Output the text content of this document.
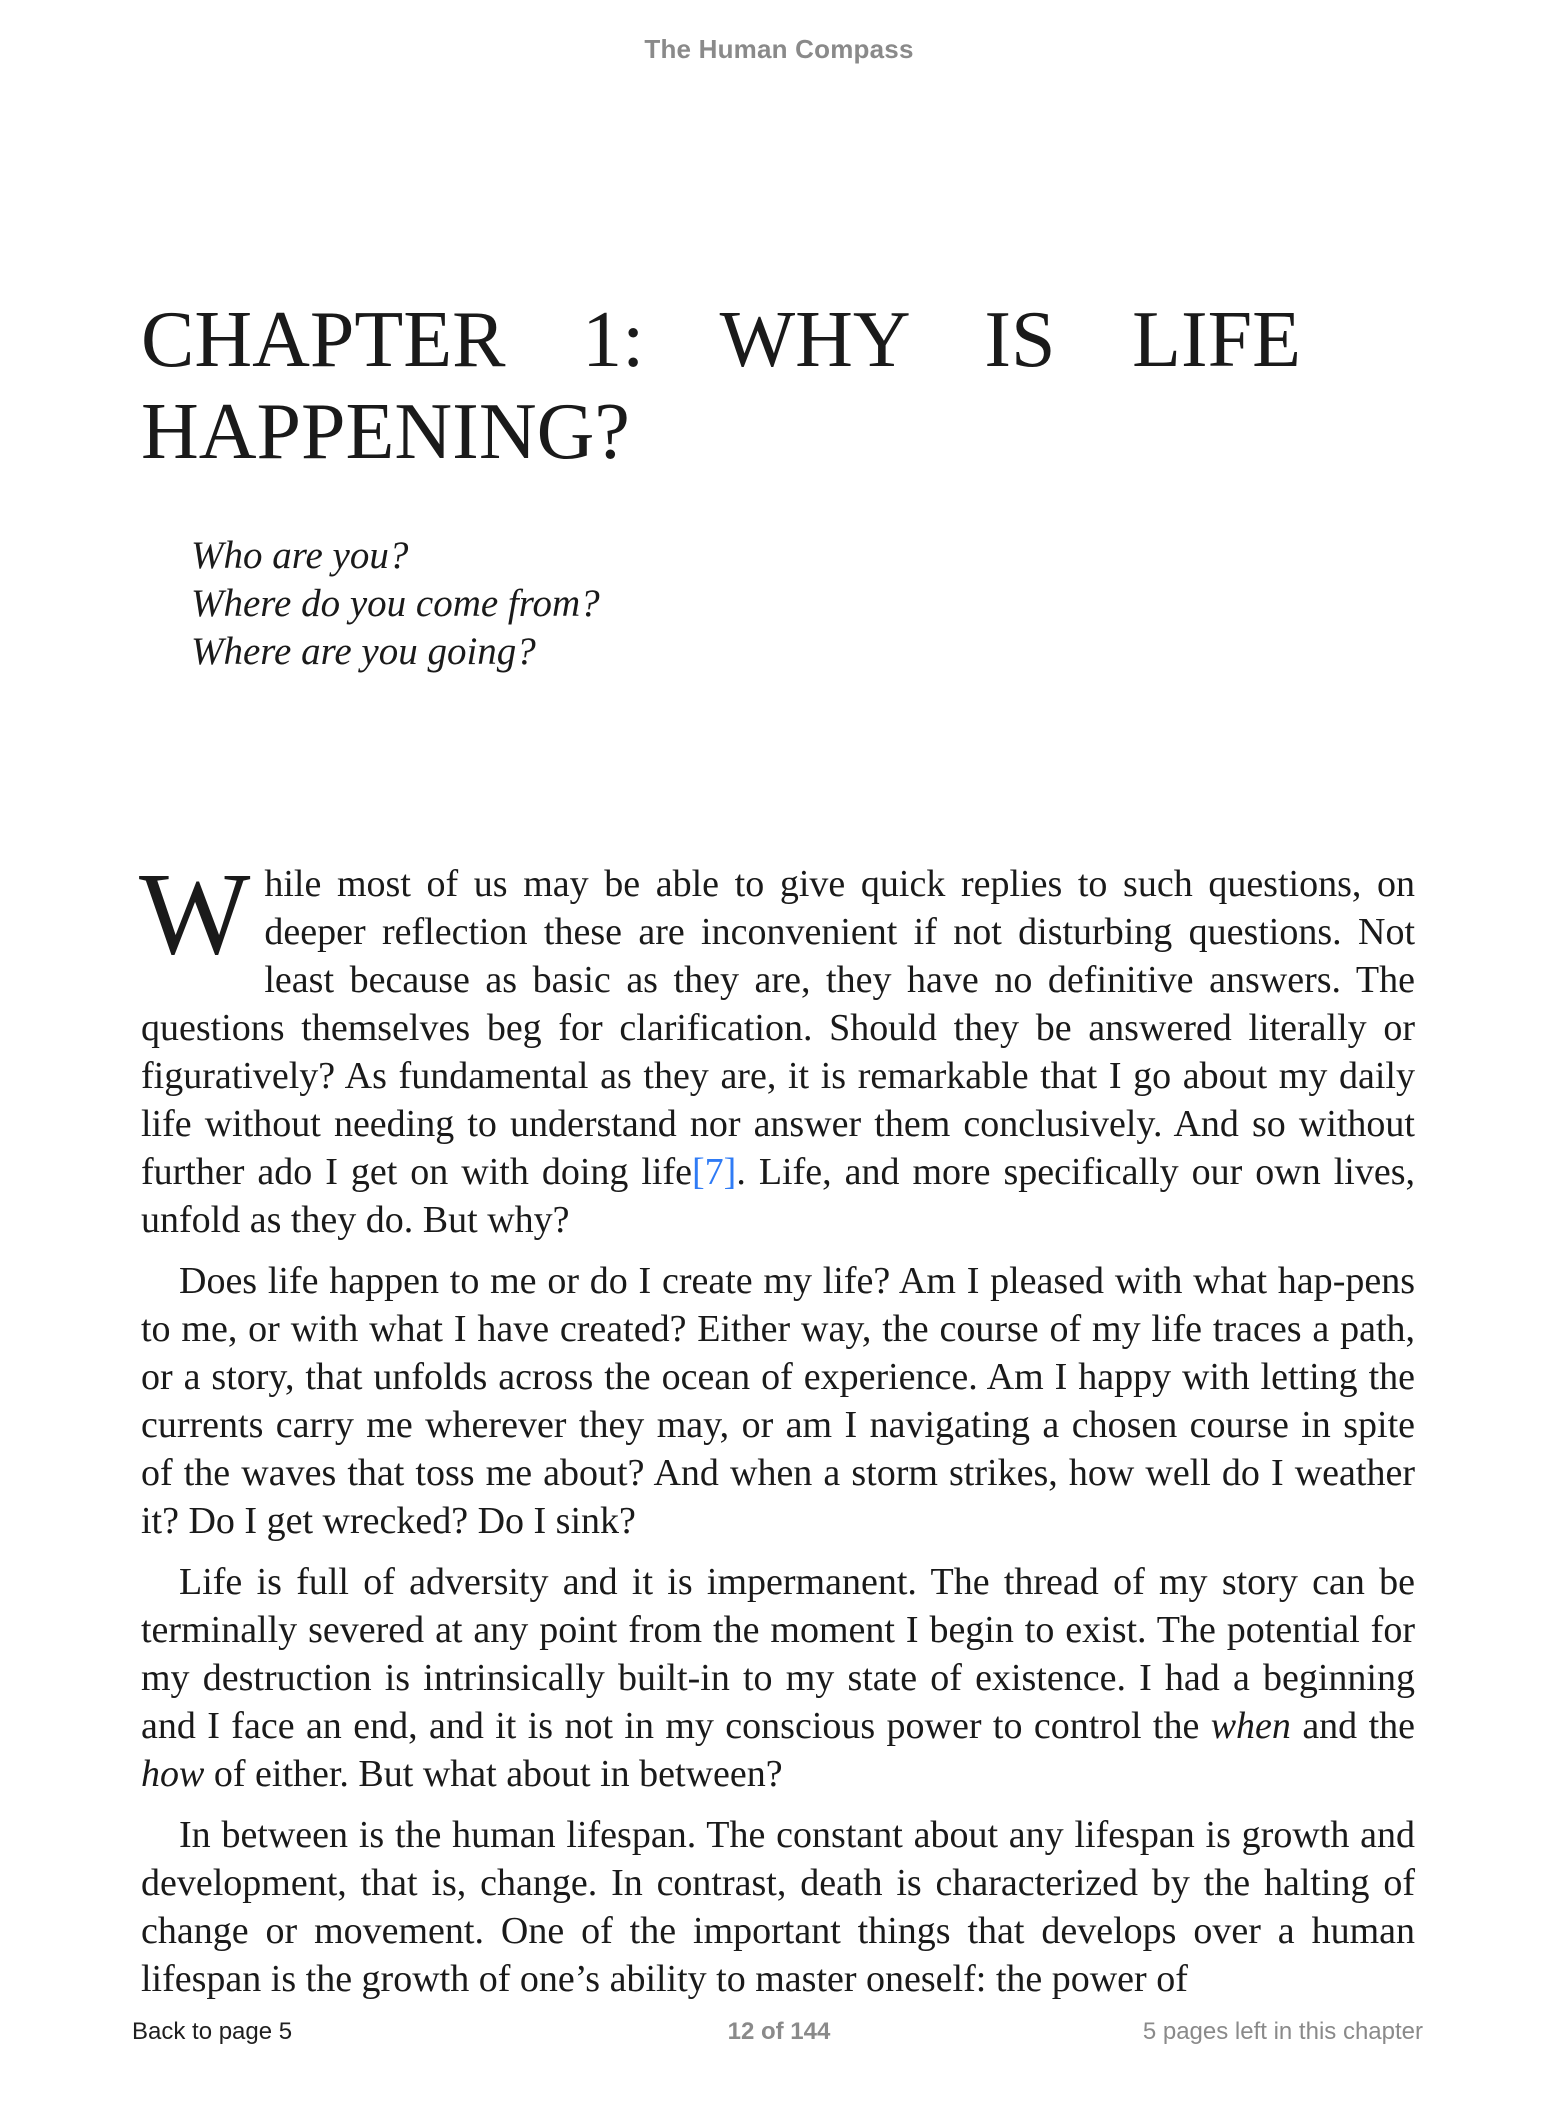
The Human Compass
CHAPTER 1: WHY IS LIFE HAPPENING?
Who are you?
Where do you come from?
Where are you going?

While most of us may be able to give quick replies to such questions, on deeper reflection these are inconvenient if not disturbing questions. Not least because as basic as they are, they have no definitive answers. The questions themselves beg for clarification. Should they be answered literally or figuratively? As fundamental as they are, it is remarkable that I go about my daily life without needing to understand nor answer them conclusively. And so without further ado I get on with doing life[7]. Life, and more specifically our own lives, unfold as they do. But why?

Does life happen to me or do I create my life? Am I pleased with what hap-pens to me, or with what I have created? Either way, the course of my life traces a path, or a story, that unfolds across the ocean of experience. Am I happy with letting the currents carry me wherever they may, or am I navigating a chosen course in spite of the waves that toss me about? And when a storm strikes, how well do I weather it? Do I get wrecked? Do I sink?

Life is full of adversity and it is impermanent. The thread of my story can be terminally severed at any point from the moment I begin to exist. The potential for my destruction is intrinsically built-in to my state of existence. I had a beginning and I face an end, and it is not in my conscious power to control the when and the how of either. But what about in between?

In between is the human lifespan. The constant about any lifespan is growth and development, that is, change. In contrast, death is characterized by the halting of change or movement. One of the important things that develops over a human lifespan is the growth of one’s ability to master oneself: the power of

Back to page 5	12 of 144	5 pages left in this chapter
